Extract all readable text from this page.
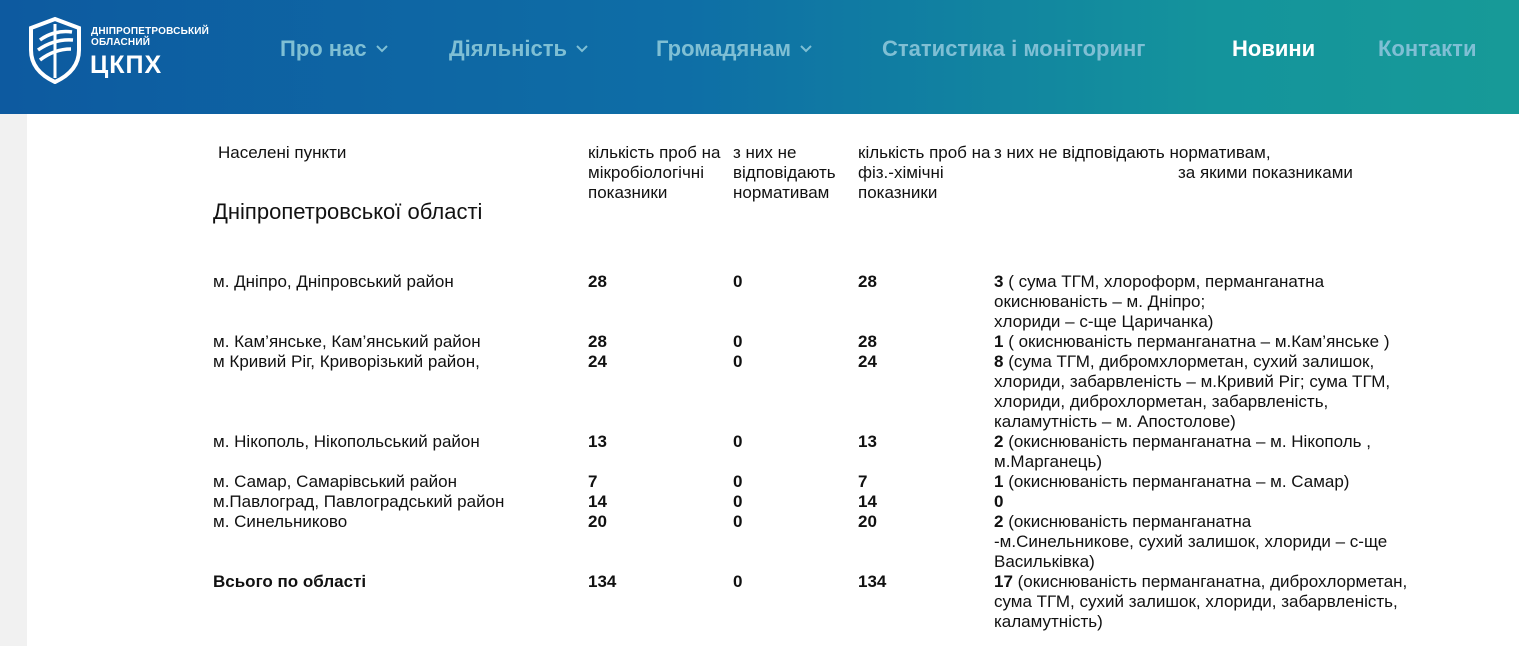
ДНІПРОПЕТРОВСЬКИЙ
ОБЛАСНИЙ
ЦКПХ
Про нас	Діяльність	Громадянам	Статистика і моніторинг	Новини	Контакти
Населені пункти
Дніпропетровської області	кількість проб на мікробіологічні показники	з них не відповідають нормативам	кількість проб на фіз.-хімічні показники	з них не відповідають нормативам,
за якими показниками

м. Дніпро, Дніпровський район	28	0	28	3 ( сума ТГМ, хлороформ, перманганатна
окиснюваність – м. Дніпро;
хлориди – с-ще Царичанка)
м. Кам’янське, Кам’янський район	28	0	28	1 ( окиснюваність перманганатна – м.Кам’янське )
м Кривий Ріг, Криворізький район,	24	0	24	8 (сума ТГМ, дибромхлорметан, сухий залишок,
хлориди, забарвленість – м.Кривий Ріг; сума ТГМ,
хлориди, диброхлорметан, забарвленість,
каламутність – м. Апостолове)
м. Нікополь, Нікопольський район	13	0	13	2 (окиснюваність перманганатна – м. Нікополь ,
м.Марганець)
м. Самар, Самарівський район	7	0	7	1 (окиснюваність перманганатна – м. Самар)
м.Павлоград, Павлоградський район	14	0	14	0
м. Синельниково	20	0	20	2 (окиснюваність перманганатна
-м.Синельникове, сухий залишок, хлориди – с-ще
Васильківка)
Всього по області	134	0	134	17 (окиснюваність перманганатна, диброхлорметан,
сума ТГМ, сухий залишок, хлориди, забарвленість,
каламутність)
